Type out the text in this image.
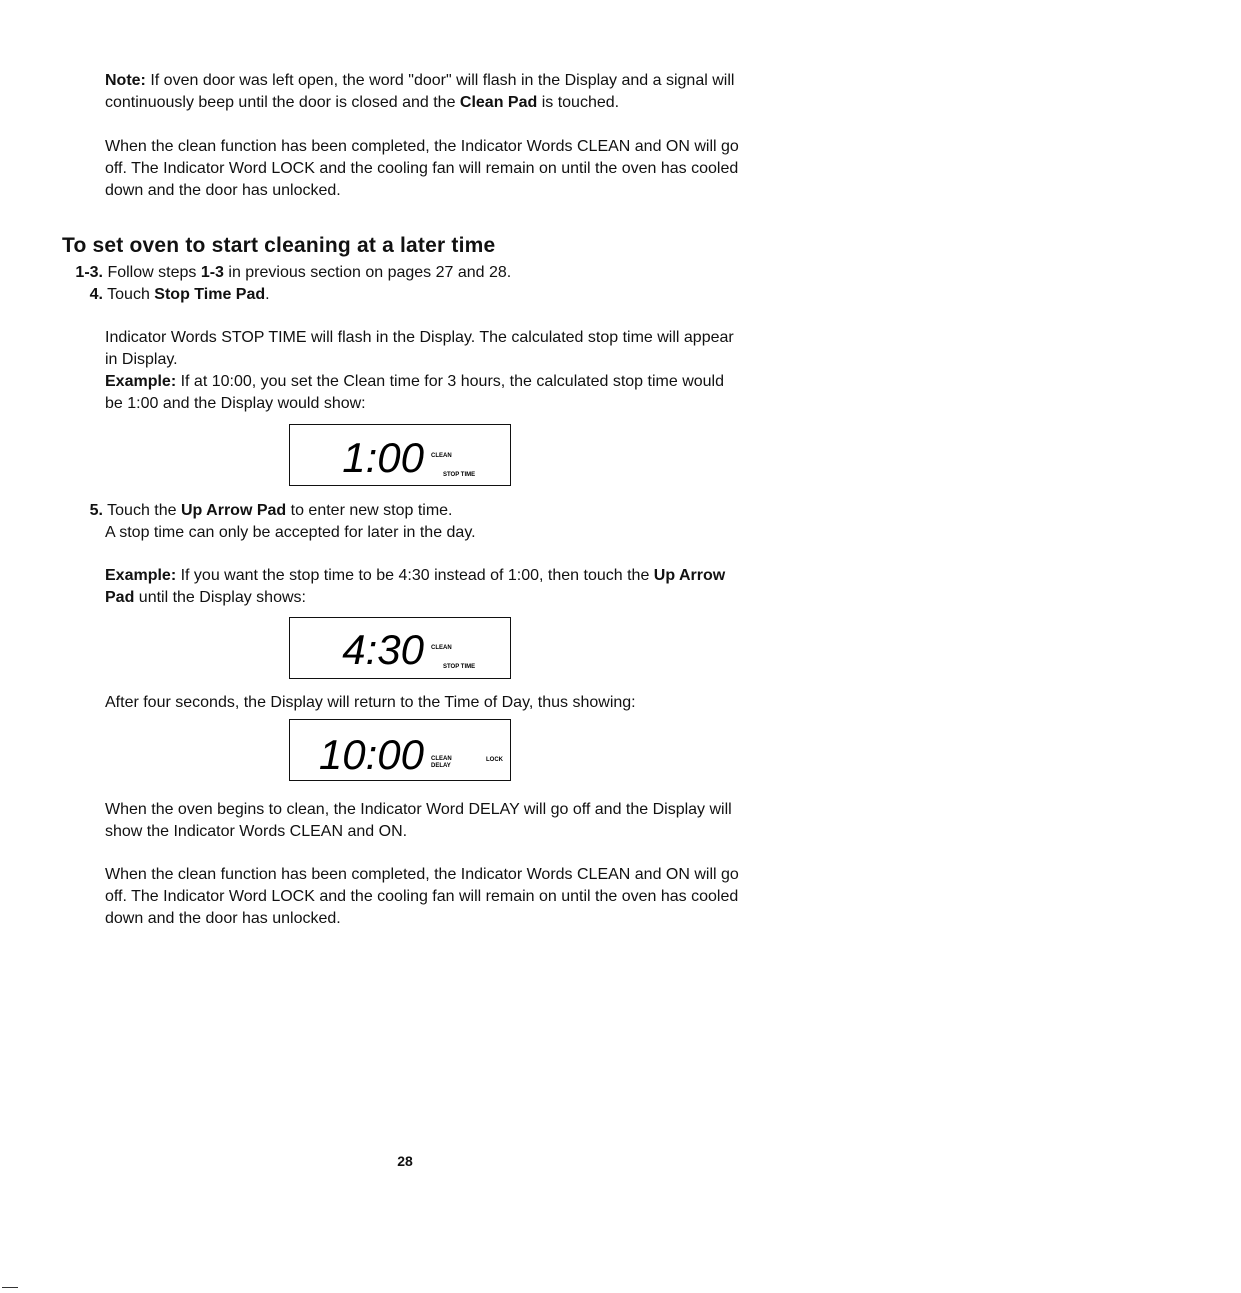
Note: If oven door was left open, the word "door" will flash in the Display and a signal will continuously beep until the door is closed and the Clean Pad is touched.

When the clean function has been completed, the Indicator Words CLEAN and ON will go off. The Indicator Word LOCK and the cooling fan will remain on until the oven has cooled down and the door has unlocked.

To set oven to start cleaning at a later time

1-3. Follow steps 1-3 in previous section on pages 27 and 28.

4. Touch Stop Time Pad.

Indicator Words STOP TIME will flash in the Display. The calculated stop time will appear in Display.

Example: If at 10:00, you set the Clean time for 3 hours, the calculated stop time would be 1:00 and the Display would show:

1:00 CLEAN
STOP TIME

5. Touch the Up Arrow Pad to enter new stop time.

A stop time can only be accepted for later in the day.

Example: If you want the stop time to be 4:30 instead of 1:00, then touch the Up Arrow Pad until the Display shows:

4:30 CLEAN
STOP TIME

After four seconds, the Display will return to the Time of Day, thus showing:

10:00 CLEAN
DELAY
LOCK

When the oven begins to clean, the Indicator Word DELAY will go off and the Display will show the Indicator Words CLEAN and ON.

When the clean function has been completed, the Indicator Words CLEAN and ON will go off. The Indicator Word LOCK and the cooling fan will remain on until the oven has cooled down and the door has unlocked.

28
